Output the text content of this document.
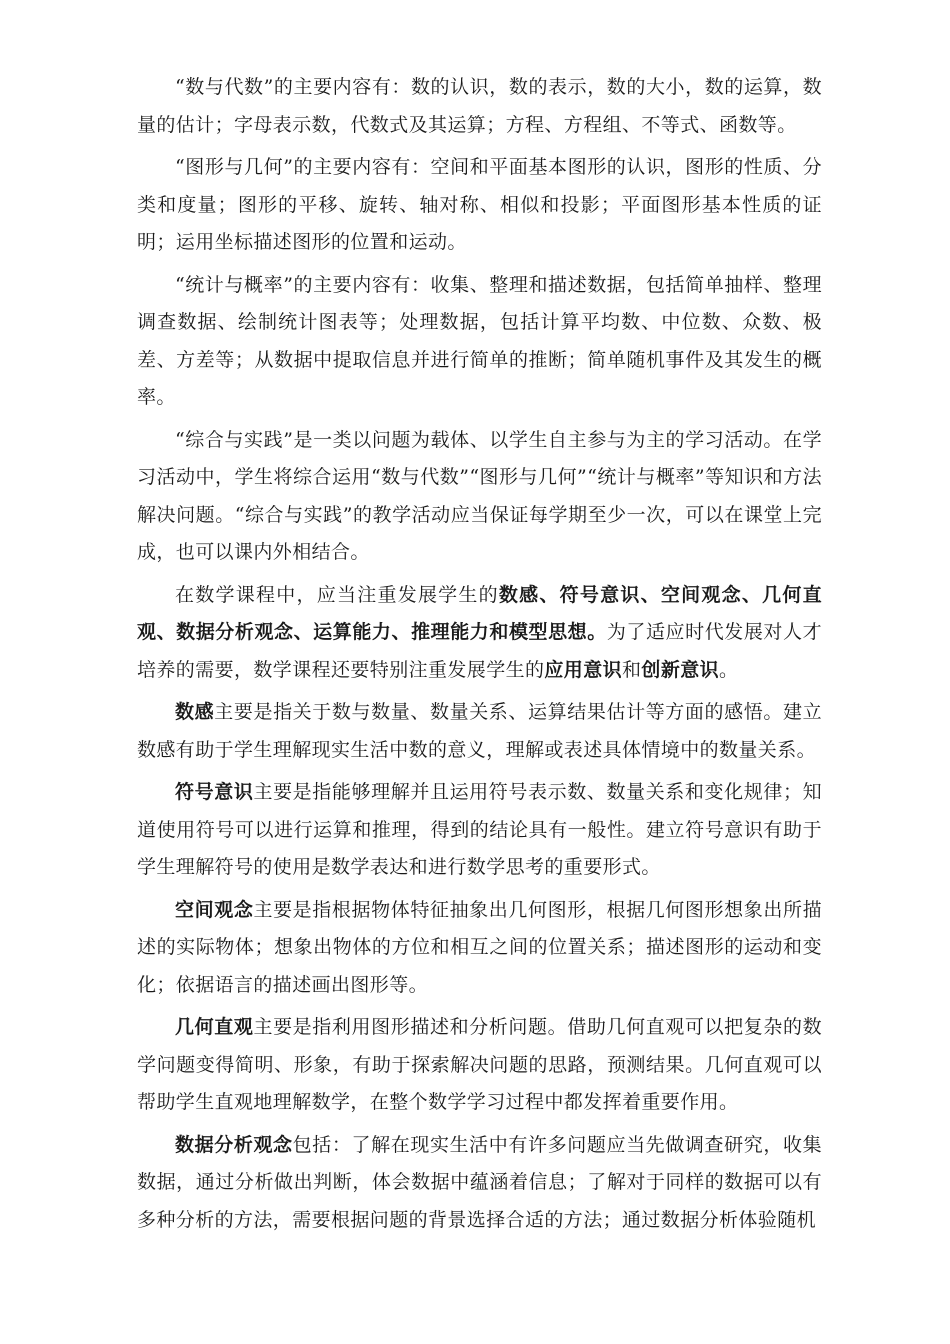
“数与代数”的主要内容有：数的认识，数的表示，数的大小，数的运算，数量的估计；字母表示数，代数式及其运算；方程、方程组、不等式、函数等。

“图形与几何”的主要内容有：空间和平面基本图形的认识，图形的性质、分类和度量；图形的平移、旋转、轴对称、相似和投影；平面图形基本性质的证明；运用坐标描述图形的位置和运动。

“统计与概率”的主要内容有：收集、整理和描述数据，包括简单抽样、整理调查数据、绘制统计图表等；处理数据，包括计算平均数、中位数、众数、极差、方差等；从数据中提取信息并进行简单的推断；简单随机事件及其发生的概率。

“综合与实践”是一类以问题为载体、以学生自主参与为主的学习活动。在学习活动中，学生将综合运用“数与代数”“图形与几何”“统计与概率”等知识和方法解决问题。“综合与实践”的教学活动应当保证每学期至少一次，可以在课堂上完成，也可以课内外相结合。

在数学课程中，应当注重发展学生的数感、符号意识、空间观念、几何直观、数据分析观念、运算能力、推理能力和模型思想。为了适应时代发展对人才培养的需要，数学课程还要特别注重发展学生的应用意识和创新意识。

数感主要是指关于数与数量、数量关系、运算结果估计等方面的感悟。建立数感有助于学生理解现实生活中数的意义，理解或表述具体情境中的数量关系。

符号意识主要是指能够理解并且运用符号表示数、数量关系和变化规律；知道使用符号可以进行运算和推理，得到的结论具有一般性。建立符号意识有助于学生理解符号的使用是数学表达和进行数学思考的重要形式。

空间观念主要是指根据物体特征抽象出几何图形，根据几何图形想象出所描述的实际物体；想象出物体的方位和相互之间的位置关系；描述图形的运动和变化；依据语言的描述画出图形等。

几何直观主要是指利用图形描述和分析问题。借助几何直观可以把复杂的数学问题变得简明、形象，有助于探索解决问题的思路，预测结果。几何直观可以帮助学生直观地理解数学，在整个数学学习过程中都发挥着重要作用。

数据分析观念包括：了解在现实生活中有许多问题应当先做调查研究，收集数据，通过分析做出判断，体会数据中蕴涵着信息；了解对于同样的数据可以有多种分析的方法，需要根据问题的背景选择合适的方法；通过数据分析体验随机
